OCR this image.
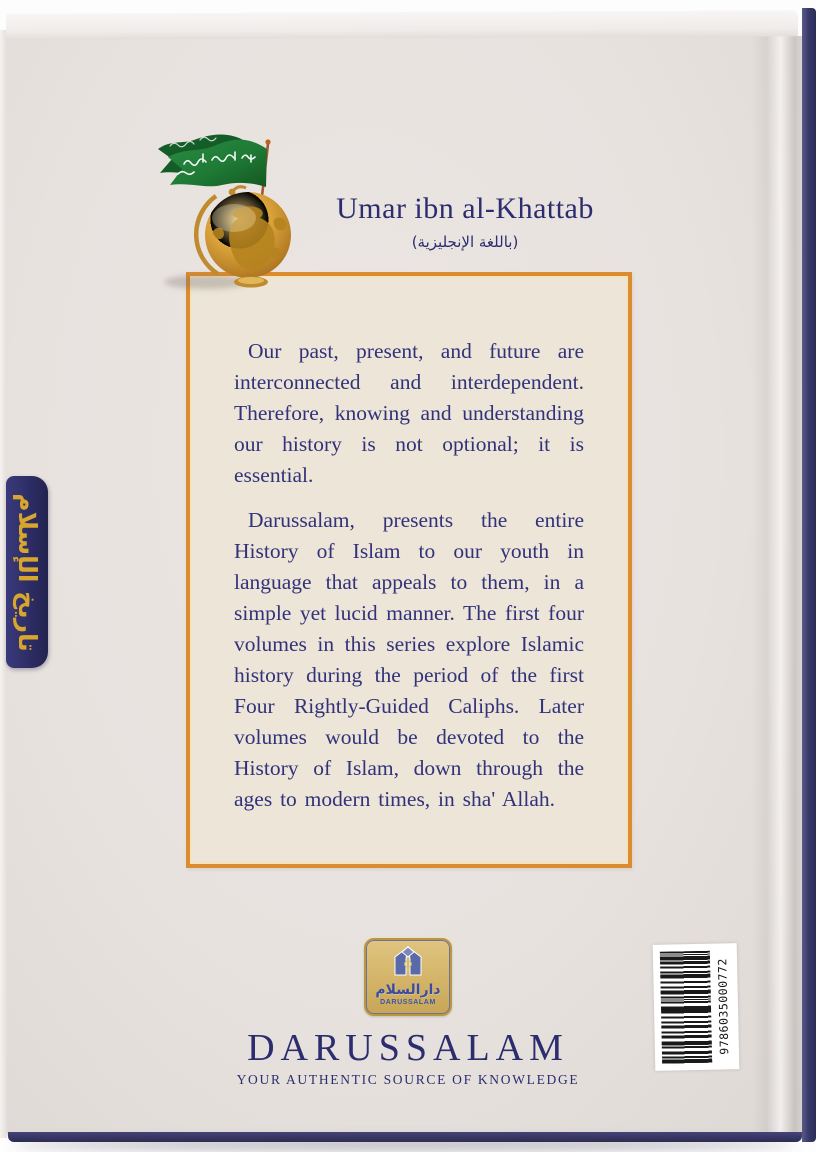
تاريخ الإسلام
Umar ibn al-Khattab
(باللغة الإنجليزية)

Our past, present, and future are interconnected and interdependent. Therefore, knowing and understanding our history is not optional; it is essential.

Darussalam, presents the entire History of Islam to our youth in language that appeals to them, in a simple yet lucid manner. The first four volumes in this series explore Islamic history during the period of the first Four Rightly-Guided Caliphs. Later volumes would be devoted to the History of Islam, down through the ages to modern times, in sha' Allah.

دارالسلام
DARUSSALAM
DARUSSALAM
YOUR AUTHENTIC SOURCE OF KNOWLEDGE
9786035000772
